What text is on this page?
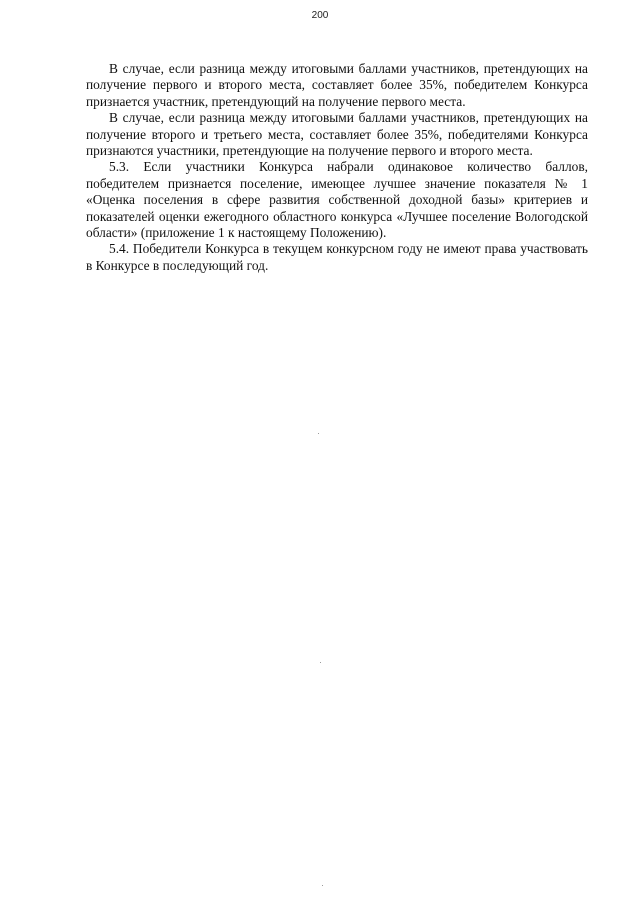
200

В случае, если разница между итоговыми баллами участников, претендующих на получение первого и второго места, составляет более 35%, победителем Конкурса признается участник, претендующий на получение первого места.

В случае, если разница между итоговыми баллами участников, претендующих на получение второго и третьего места, составляет более 35%, победителями Конкурса признаются участники, претендующие на получение первого и второго места.

5.3. Если участники Конкурса набрали одинаковое количество баллов, победителем признается поселение, имеющее лучшее значение показателя № 1 «Оценка поселения в сфере развития собственной доходной базы» критериев и показателей оценки ежегодного областного конкурса «Лучшее поселение Вологодской области» (приложение 1 к настоящему Положению).

5.4. Победители Конкурса в текущем конкурсном году не имеют права участвовать в Конкурсе в последующий год.
